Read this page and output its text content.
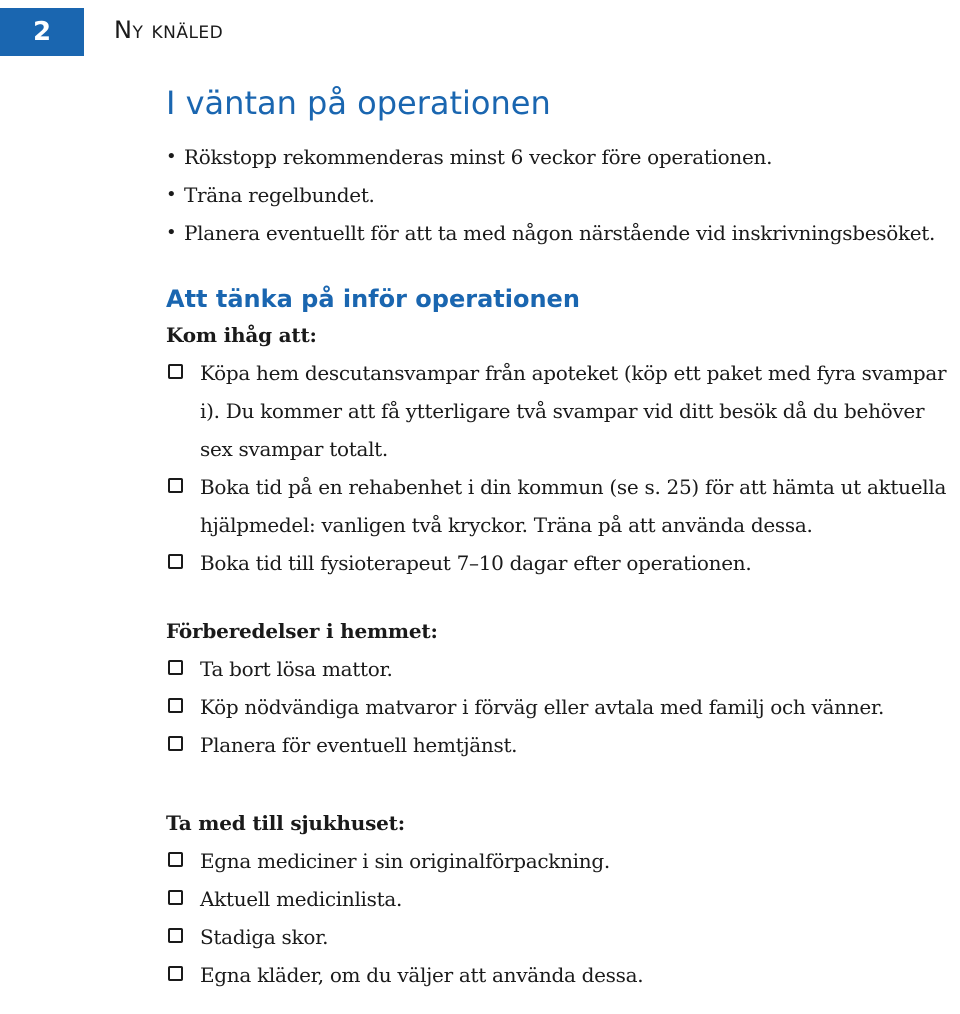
2	Ny knäled
I väntan på operationen
• Rökstopp rekommenderas minst 6 veckor före operationen.
• Träna regelbundet.
• Planera eventuellt för att ta med någon närstående vid inskrivningsbesöket.
Att tänka på inför operationen

Kom ihåg att:

Köpa hem descutansvampar från apoteket (köp ett paket med fyra svampar i). Du kommer att få ytterligare två svampar vid ditt besök då du behöver sex svampar totalt.
Boka tid på en rehabenhet i din kommun (se s. 25) för att hämta ut aktuella hjälpmedel: vanligen två kryckor. Träna på att använda dessa.
Boka tid till fysioterapeut 7–10 dagar efter operationen.

Förberedelser i hemmet:

Ta bort lösa mattor.
Köp nödvändiga matvaror i förväg eller avtala med familj och vänner.
Planera för eventuell hemtjänst.

Ta med till sjukhuset:

Egna mediciner i sin originalförpackning.
Aktuell medicinlista.
Stadiga skor.
Egna kläder, om du väljer att använda dessa.
